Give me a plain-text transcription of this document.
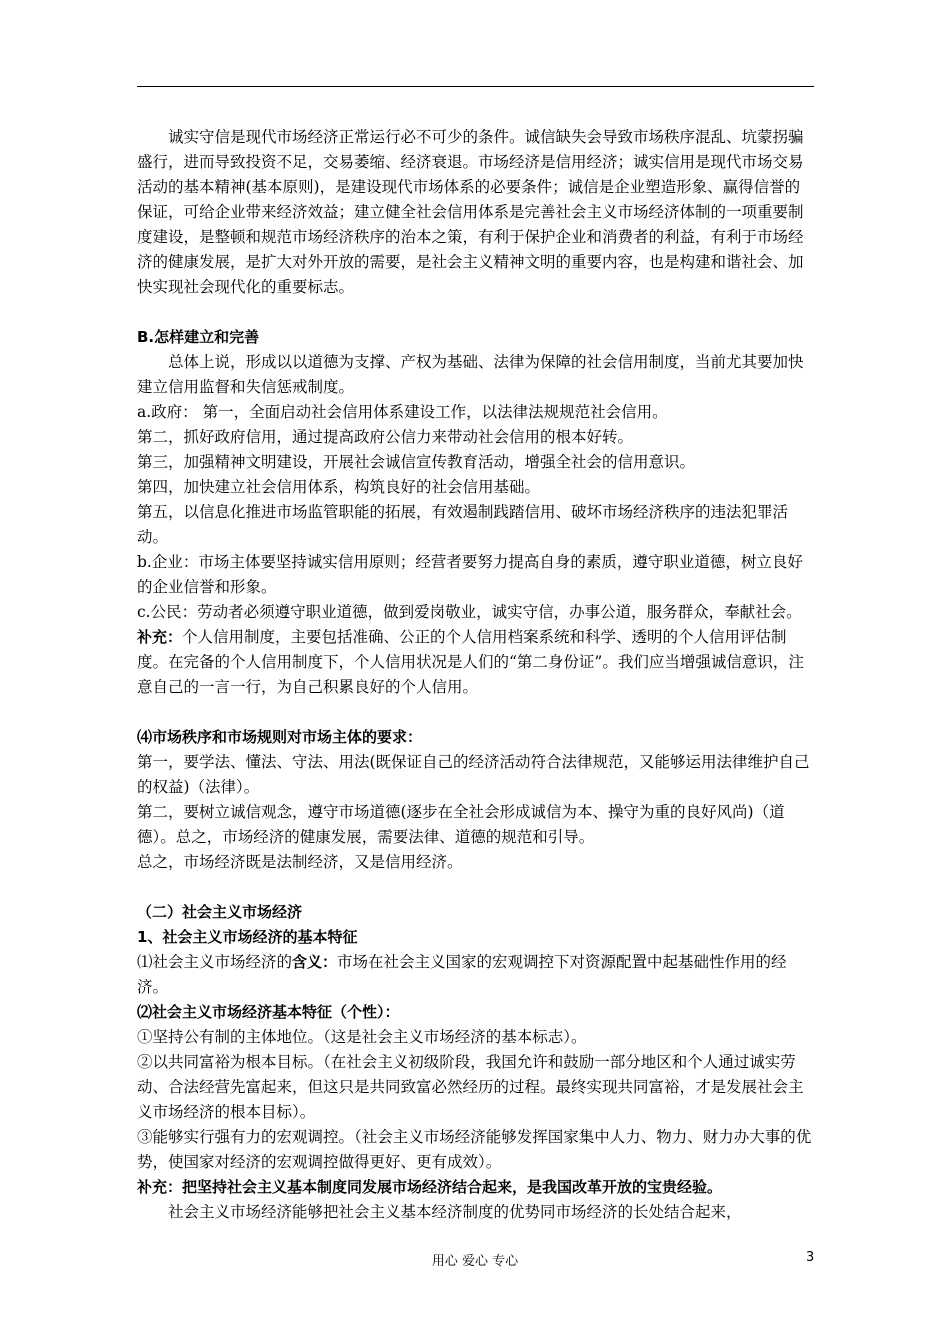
诚实守信是现代市场经济正常运行必不可少的条件。诚信缺失会导致市场秩序混乱、坑蒙拐骗盛行，进而导致投资不足，交易萎缩、经济衰退。市场经济是信用经济；诚实信用是现代市场交易活动的基本精神(基本原则)，是建设现代市场体系的必要条件；诚信是企业塑造形象、赢得信誉的保证，可给企业带来经济效益；建立健全社会信用体系是完善社会主义市场经济体制的一项重要制度建设，是整顿和规范市场经济秩序的治本之策，有利于保护企业和消费者的利益，有利于市场经济的健康发展，是扩大对外开放的需要，是社会主义精神文明的重要内容，也是构建和谐社会、加快实现社会现代化的重要标志。

B.怎样建立和完善

总体上说，形成以以道德为支撑、产权为基础、法律为保障的社会信用制度，当前尤其要加快建立信用监督和失信惩戒制度。

a.政府： 第一，全面启动社会信用体系建设工作，以法律法规规范社会信用。

第二，抓好政府信用，通过提高政府公信力来带动社会信用的根本好转。

第三，加强精神文明建设，开展社会诚信宣传教育活动，增强全社会的信用意识。

第四，加快建立社会信用体系，构筑良好的社会信用基础。

第五，以信息化推进市场监管职能的拓展，有效遏制践踏信用、破坏市场经济秩序的违法犯罪活动。

b.企业：市场主体要坚持诚实信用原则；经营者要努力提高自身的素质，遵守职业道德，树立良好的企业信誉和形象。

c.公民：劳动者必须遵守职业道德，做到爱岗敬业，诚实守信，办事公道，服务群众，奉献社会。

补充：个人信用制度，主要包括准确、公正的个人信用档案系统和科学、透明的个人信用评估制度。在完备的个人信用制度下，个人信用状况是人们的“第二身份证”。我们应当增强诚信意识，注意自己的一言一行，为自己积累良好的个人信用。

⑷市场秩序和市场规则对市场主体的要求：

第一，要学法、懂法、守法、用法(既保证自己的经济活动符合法律规范，又能够运用法律维护自己的权益)（法律）。

第二，要树立诚信观念，遵守市场道德(逐步在全社会形成诚信为本、操守为重的良好风尚)（道德）。总之，市场经济的健康发展，需要法律、道德的规范和引导。

总之，市场经济既是法制经济，又是信用经济。

（二）社会主义市场经济

1、社会主义市场经济的基本特征

⑴社会主义市场经济的含义：市场在社会主义国家的宏观调控下对资源配置中起基础性作用的经济。

⑵社会主义市场经济基本特征（个性）：

①坚持公有制的主体地位。（这是社会主义市场经济的基本标志）。

②以共同富裕为根本目标。（在社会主义初级阶段，我国允许和鼓励一部分地区和个人通过诚实劳动、合法经营先富起来，但这只是共同致富必然经历的过程。最终实现共同富裕，才是发展社会主义市场经济的根本目标）。

③能够实行强有力的宏观调控。（社会主义市场经济能够发挥国家集中人力、物力、财力办大事的优势，使国家对经济的宏观调控做得更好、更有成效）。

补充：把坚持社会主义基本制度同发展市场经济结合起来，是我国改革开放的宝贵经验。

社会主义市场经济能够把社会主义基本经济制度的优势同市场经济的长处结合起来，

用心 爱心 专心	3
